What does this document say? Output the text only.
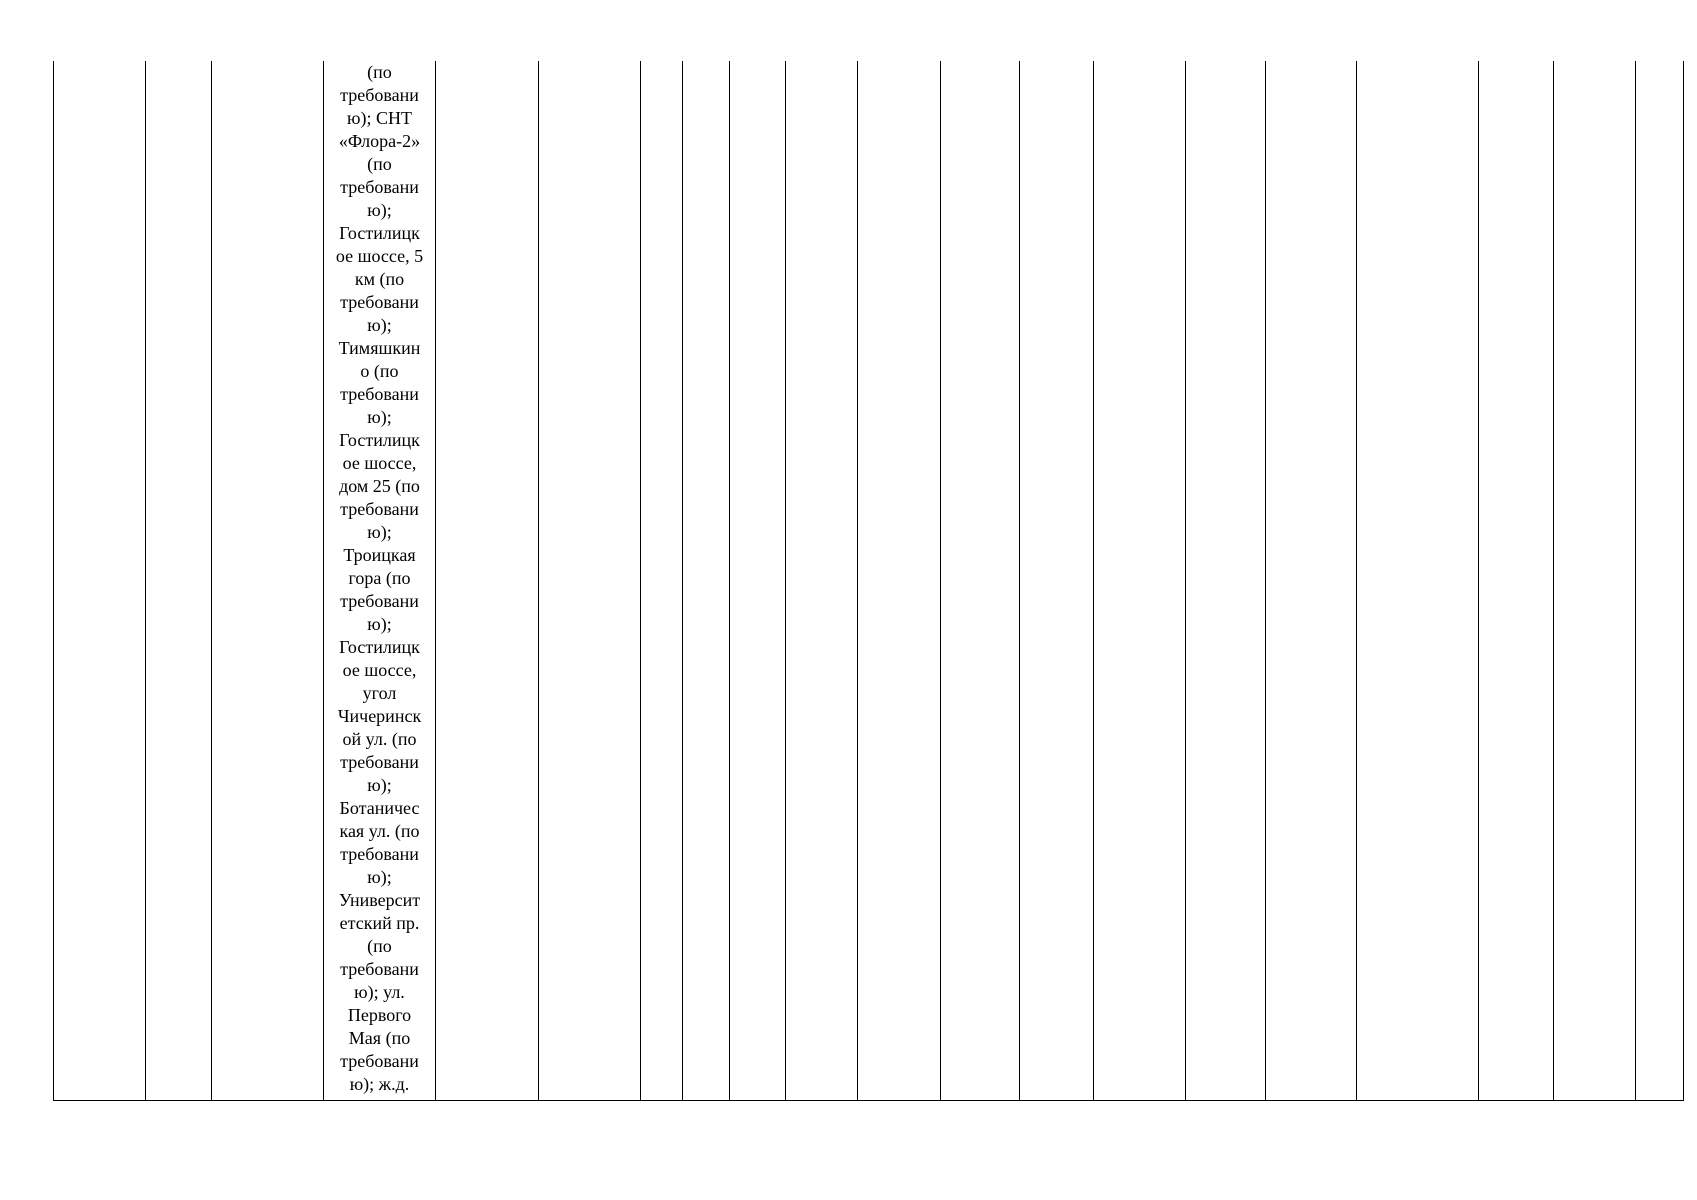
			(по
требовани
ю); СНТ
«Флора-2»
(по
требовани
ю);
Гостилицк
ое шоссе, 5
км (по
требовани
ю);
Тимяшкин
о (по
требовани
ю);
Гостилицк
ое шоссе,
дом 25 (по
требовани
ю);
Троицкая
гора (по
требовани
ю);
Гостилицк
ое шоссе,
угол
Чичеринск
ой ул. (по
требовани
ю);
Ботаничес
кая ул. (по
требовани
ю);
Университ
етский пр.
(по
требовани
ю); ул.
Первого
Мая (по
требовани
ю); ж.д.																
